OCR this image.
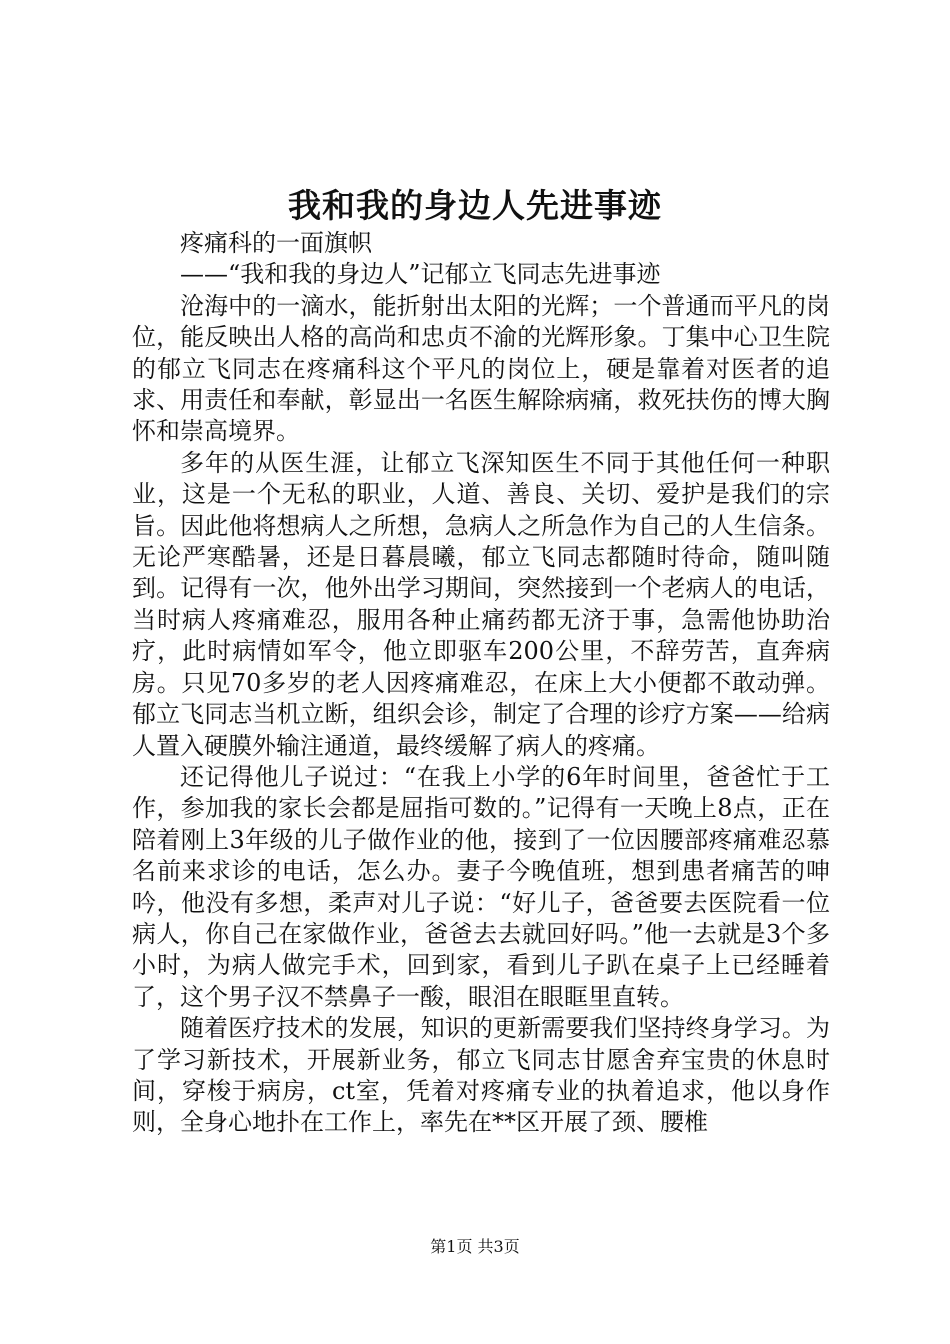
我和我的身边人先进事迹

疼痛科的一面旗帜

——“我和我的身边人”记郁立飞同志先进事迹

沧海中的一滴水，能折射出太阳的光辉；一个普通而平凡的岗位，能反映出人格的高尚和忠贞不渝的光辉形象。丁集中心卫生院的郁立飞同志在疼痛科这个平凡的岗位上，硬是靠着对医者的追求、用责任和奉献，彰显出一名医生解除病痛，救死扶伤的博大胸怀和崇高境界。

多年的从医生涯，让郁立飞深知医生不同于其他任何一种职业，这是一个无私的职业，人道、善良、关切、爱护是我们的宗旨。因此他将想病人之所想，急病人之所急作为自己的人生信条。无论严寒酷暑，还是日暮晨曦，郁立飞同志都随时待命，随叫随到。记得有一次，他外出学习期间，突然接到一个老病人的电话，当时病人疼痛难忍，服用各种止痛药都无济于事，急需他协助治疗，此时病情如军令，他立即驱车200公里，不辞劳苦，直奔病房。只见70多岁的老人因疼痛难忍，在床上大小便都不敢动弹。郁立飞同志当机立断，组织会诊，制定了合理的诊疗方案——给病人置入硬膜外输注通道，最终缓解了病人的疼痛。

还记得他儿子说过：“在我上小学的6年时间里，爸爸忙于工作，参加我的家长会都是屈指可数的。”记得有一天晚上8点，正在陪着刚上3年级的儿子做作业的他，接到了一位因腰部疼痛难忍慕名前来求诊的电话，怎么办。妻子今晚值班，想到患者痛苦的呻吟，他没有多想，柔声对儿子说：“好儿子，爸爸要去医院看一位病人，你自己在家做作业，爸爸去去就回好吗。”他一去就是3个多小时，为病人做完手术，回到家，看到儿子趴在桌子上已经睡着了，这个男子汉不禁鼻子一酸，眼泪在眼眶里直转。

随着医疗技术的发展，知识的更新需要我们坚持终身学习。为了学习新技术，开展新业务，郁立飞同志甘愿舍弃宝贵的休息时间，穿梭于病房，ct室，凭着对疼痛专业的执着追求，他以身作则，全身心地扑在工作上，率先在**区开展了颈、腰椎

第1页 共3页
